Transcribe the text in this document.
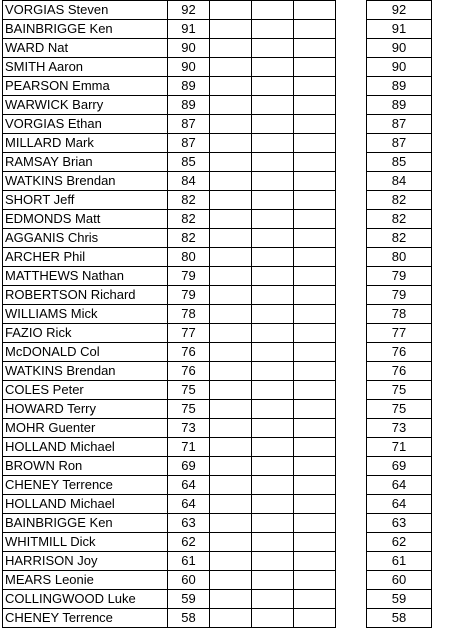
VORGIAS Steven	92					92
BAINBRIGGE Ken	91					91
WARD Nat	90					90
SMITH Aaron	90					90
PEARSON Emma	89					89
WARWICK Barry	89					89
VORGIAS Ethan	87					87
MILLARD Mark	87					87
RAMSAY Brian	85					85
WATKINS Brendan	84					84
SHORT Jeff	82					82
EDMONDS Matt	82					82
AGGANIS Chris	82					82
ARCHER Phil	80					80
MATTHEWS Nathan	79					79
ROBERTSON Richard	79					79
WILLIAMS Mick	78					78
FAZIO Rick	77					77
McDONALD Col	76					76
WATKINS Brendan	76					76
COLES Peter	75					75
HOWARD Terry	75					75
MOHR Guenter	73					73
HOLLAND Michael	71					71
BROWN Ron	69					69
CHENEY Terrence	64					64
HOLLAND Michael	64					64
BAINBRIGGE Ken	63					63
WHITMILL Dick	62					62
HARRISON Joy	61					61
MEARS Leonie	60					60
COLLINGWOOD Luke	59					59
CHENEY Terrence	58					58
